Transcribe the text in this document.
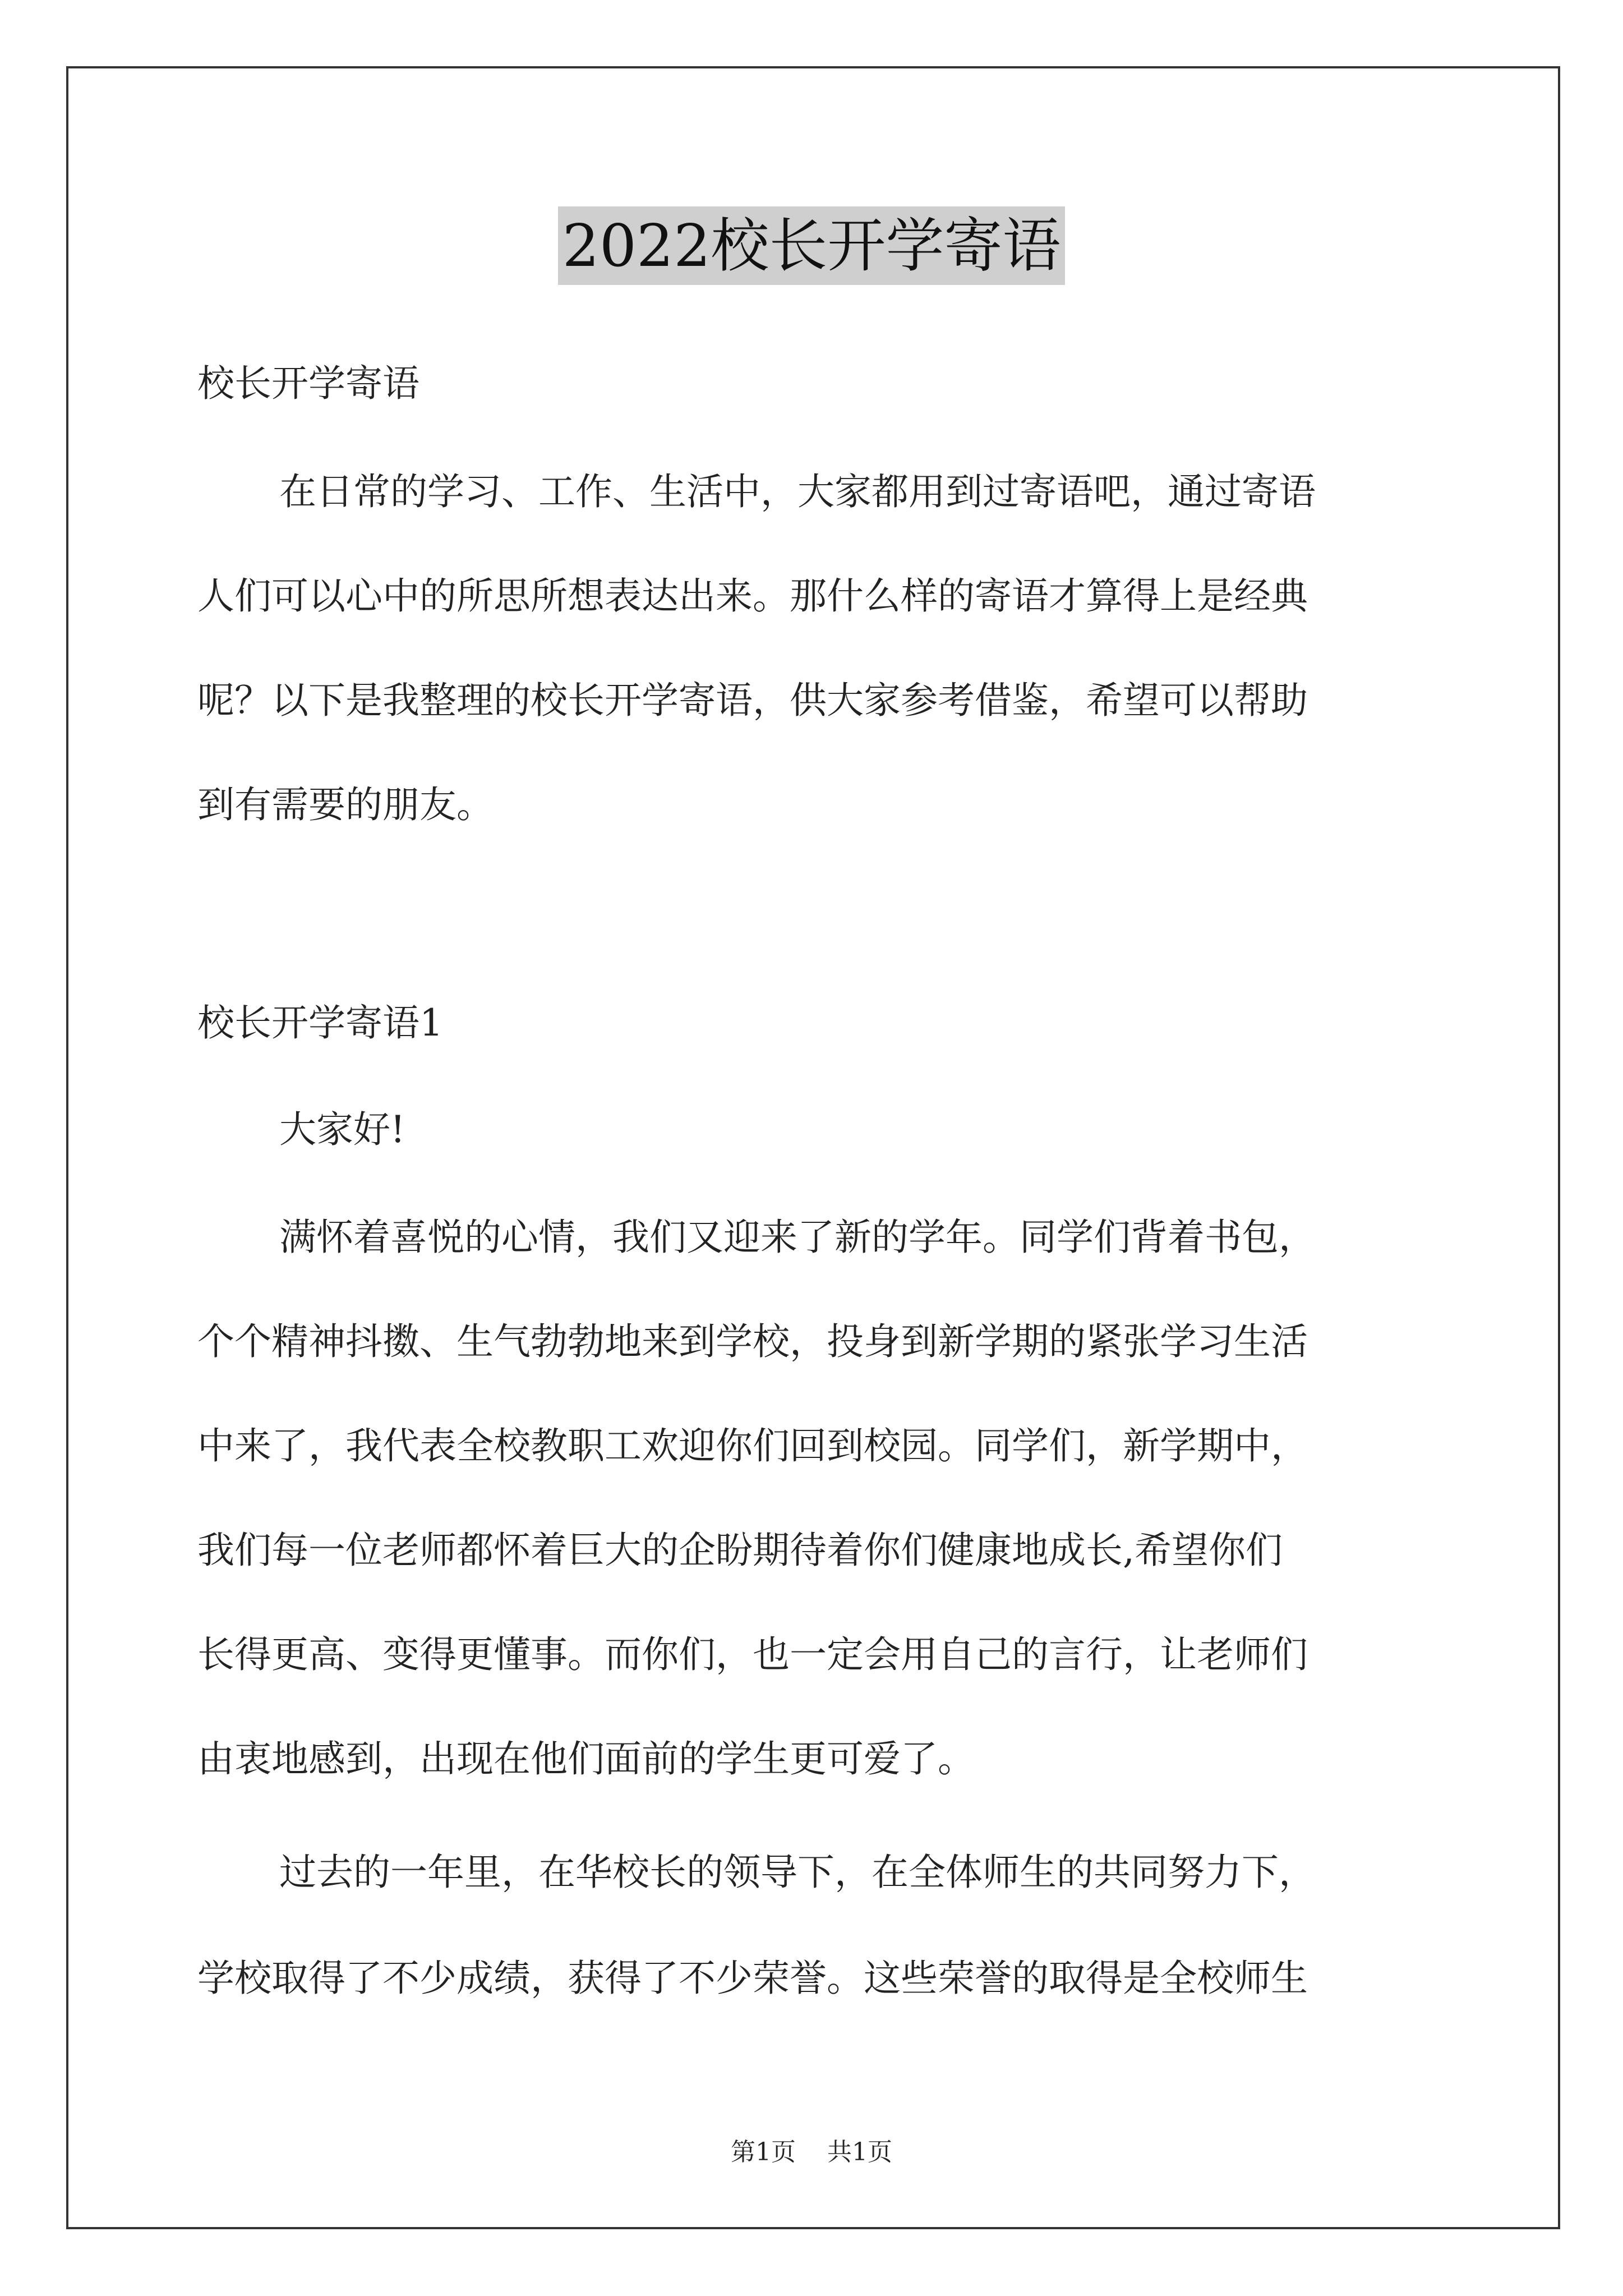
2022校长开学寄语
校长开学寄语
在日常的学习、工作、生活中，大家都用到过寄语吧，通过寄语
人们可以心中的所思所想表达出来。那什么样的寄语才算得上是经典
呢？以下是我整理的校长开学寄语，供大家参考借鉴，希望可以帮助
到有需要的朋友。
校长开学寄语1
大家好!
满怀着喜悦的心情，我们又迎来了新的学年。同学们背着书包，
个个精神抖擞、生气勃勃地来到学校，投身到新学期的紧张学习生活
中来了，我代表全校教职工欢迎你们回到校园。同学们，新学期中，
我们每一位老师都怀着巨大的企盼期待着你们健康地成长,希望你们
长得更高、变得更懂事。而你们，也一定会用自己的言行，让老师们
由衷地感到，出现在他们面前的学生更可爱了。
过去的一年里，在华校长的领导下，在全体师生的共同努力下，
学校取得了不少成绩，获得了不少荣誉。这些荣誉的取得是全校师生
第1页 共1页
